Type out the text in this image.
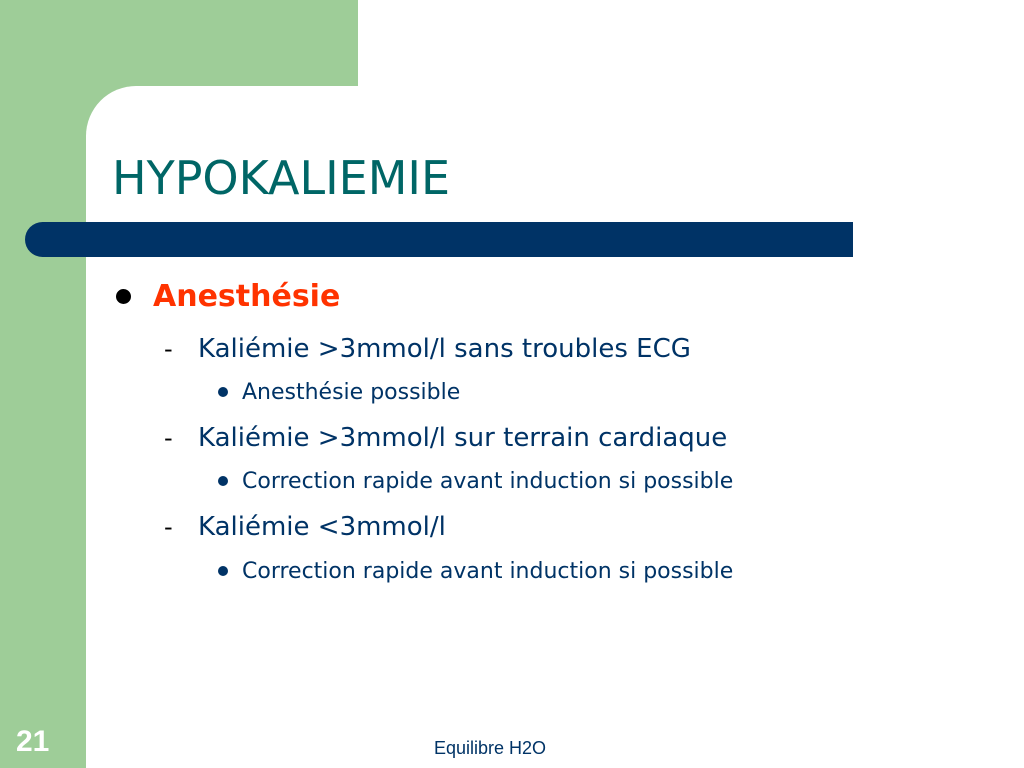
HYPOKALIEMIE
Anesthésie
- Kaliémie >3mmol/l sans troubles ECG
Anesthésie possible
- Kaliémie >3mmol/l sur terrain cardiaque
Correction rapide avant induction si possible
- Kaliémie <3mmol/l
Correction rapide avant induction si possible
21	Equilibre H2O
